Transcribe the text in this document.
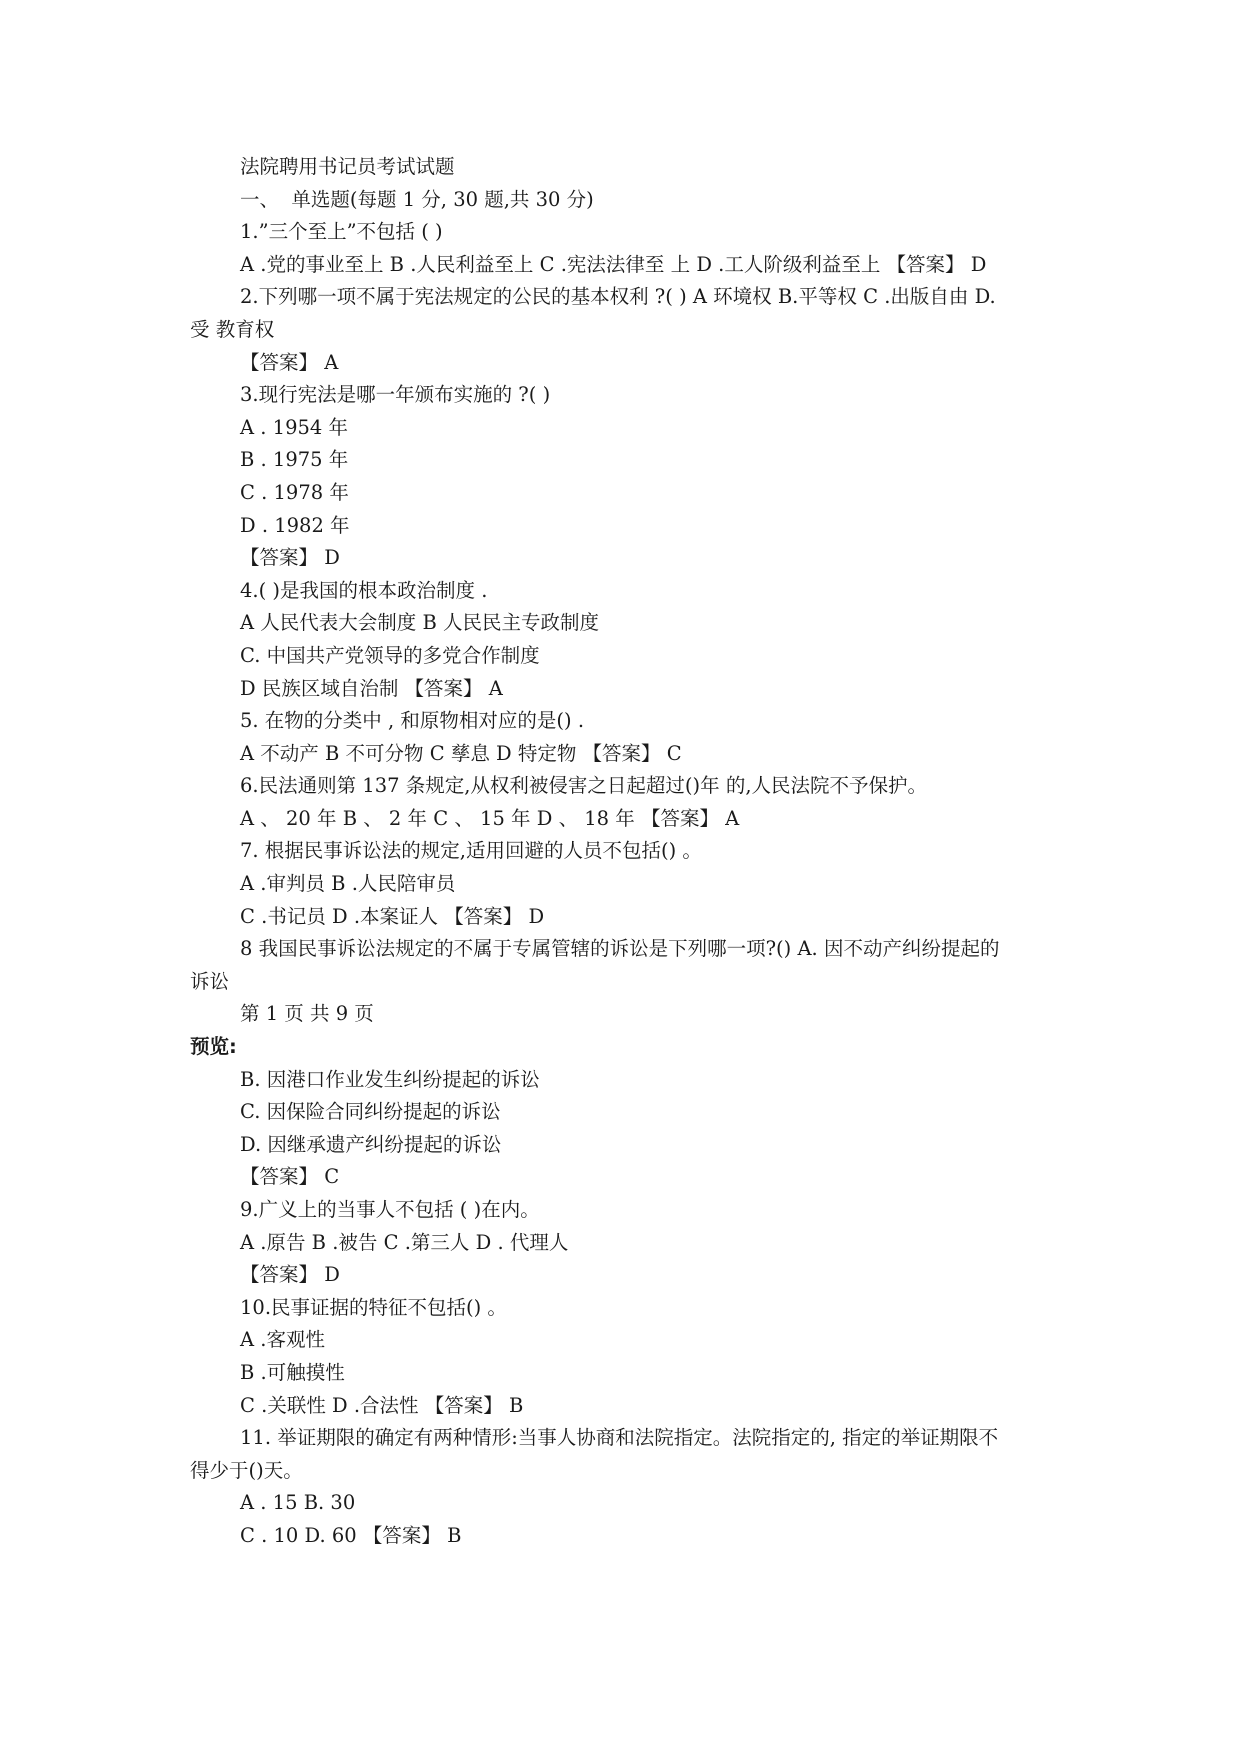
法院聘用书记员考试试题
一、  单选题(每题 1 分, 30 题,共 30 分)
1.”三个至上”不包括 ( )
A .党的事业至上 B .人民利益至上 C .宪法法律至 上 D .工人阶级利益至上 【答案】 D
2.下列哪一项不属于宪法规定的公民的基本权利 ?( ) A 环境权 B.平等权 C .出版自由 D.
受 教育权
【答案】 A
3.现行宪法是哪一年颁布实施的 ?( )
A . 1954 年
B . 1975 年
C . 1978 年
D . 1982 年
【答案】 D
4.( )是我国的根本政治制度 .
A 人民代表大会制度 B 人民民主专政制度
C. 中国共产党领导的多党合作制度
D 民族区域自治制 【答案】 A
5. 在物的分类中 , 和原物相对应的是() .
A 不动产 B 不可分物 C 孳息 D 特定物 【答案】 C
6.民法通则第 137 条规定,从权利被侵害之日起超过()年 的,人民法院不予保护。
A 、 20 年 B 、 2 年 C 、 15 年 D 、 18 年 【答案】 A
7. 根据民事诉讼法的规定,适用回避的人员不包括() 。
A .审判员 B .人民陪审员
C .书记员 D .本案证人 【答案】 D
8 我国民事诉讼法规定的不属于专属管辖的诉讼是下列哪一项?() A. 因不动产纠纷提起的
诉讼
第 1 页 共 9 页
预览:
B. 因港口作业发生纠纷提起的诉讼
C. 因保险合同纠纷提起的诉讼
D. 因继承遗产纠纷提起的诉讼
【答案】 C
9.广义上的当事人不包括 ( )在内。
A .原告 B .被告 C .第三人 D . 代理人
【答案】 D
10.民事证据的特征不包括() 。
A .客观性
B .可触摸性
C .关联性 D .合法性 【答案】 B
11. 举证期限的确定有两种情形:当事人协商和法院指定。法院指定的, 指定的举证期限不
得少于()天。
A . 15 B. 30
C . 10 D. 60 【答案】 B
